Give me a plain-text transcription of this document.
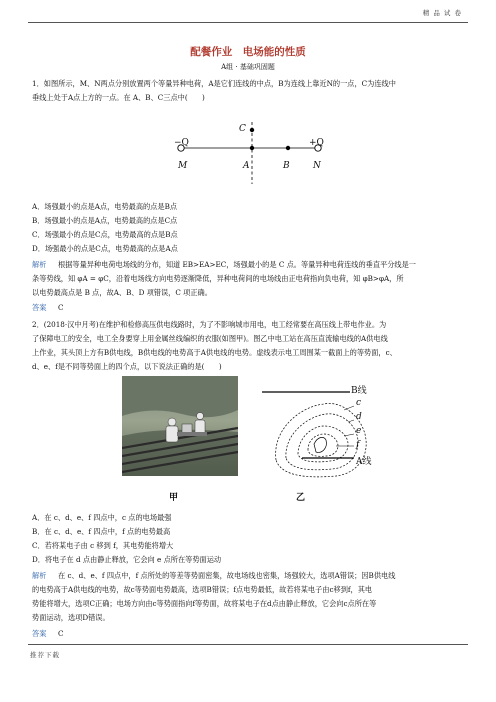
精 品 试 卷
配餐作业　电场能的性质
A组 · 基础巩固题
1．如图所示，M、N两点分别放置两个等量异种电荷，A是它们连线的中点，B为连线上靠近N的一点，C为连线中
垂线上处于A点上方的一点。在 A、B、C三点中(　　)
C
−Q	+Q
M	A	B	N
A．场强最小的点是A点，电势最高的点是B点
B．场强最小的点是A点，电势最高的点是C点
C．场强最小的点是C点，电势最高的点是B点
D．场强最小的点是C点，电势最高的点是A点
解析 根据等量异种电荷电场线的分布，知道 EB>EA>EC，场强最小的是 C 点。等量异种电荷连线的垂直平分线是一
条等势线，知 φA = φC，沿着电场线方向电势逐渐降低，异种电荷间的电场线由正电荷指向负电荷，知 φB>φA，所
以电势最高点是 B 点，故A、B、D 项错误，C 项正确。
答案 C
2．(2018·汉中月考)在维护和检修高压供电线路时，为了不影响城市用电，电工经常要在高压线上带电作业。为
了保障电工的安全，电工全身要穿上用金属丝线编织的衣服(如图甲)。图乙中电工站在高压直流输电线的A供电线
上作业，其头顶上方有B供电线，B供电线的电势高于A供电线的电势。虚线表示电工周围某一截面上的等势面，c、
d、e、f是不同等势面上的四个点，以下说法正确的是(　　)
甲
B线
c
d
e
f
A线
乙
A．在 c、d、e、f 四点中，c 点的电场最强
B．在 c、d、e、f 四点中，f 点的电势最高
C．若将某电子由 c 移到 f，其电势能将增大
D．将电子在 d 点由静止释放，它会向 e 点所在等势面运动
解析 在 c、d、e、f 四点中，f 点所处的等差等势面密集，故电场线也密集，场强较大，选项A错误；因B供电线
的电势高于A供电线的电势，故c等势面电势最高，选项B错误；f点电势最低，故若将某电子由c移到f，其电
势能将增大，选项C正确；电场方向由c等势面指向f等势面，故将某电子在d点由静止释放，它会向c点所在等
势面运动，选项D错误。
答案 C
推荐下载
